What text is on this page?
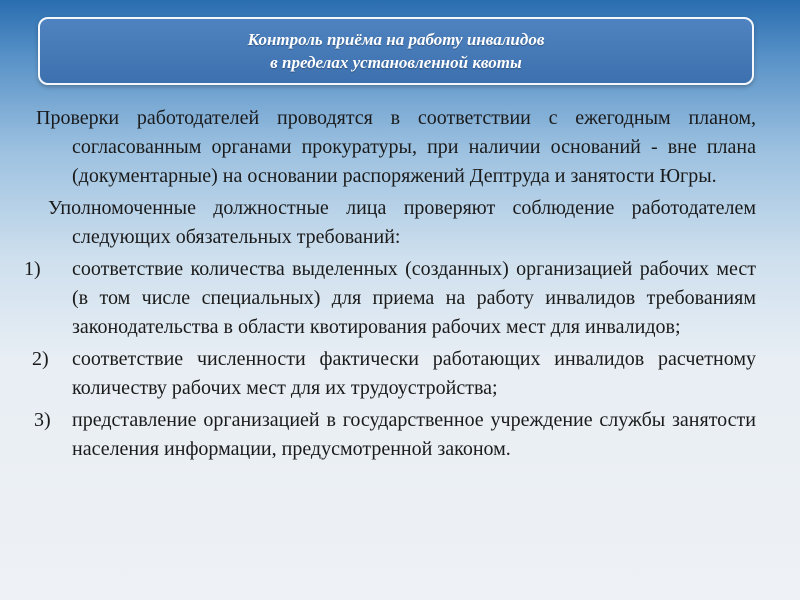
Контроль приёма на работу инвалидов
в пределах установленной квоты

Проверки работодателей проводятся в соответствии с ежегодным планом, согласованным органами прокуратуры, при наличии оснований - вне плана (документарные) на основании распоряжений Дептруда и занятости Югры.

Уполномоченные должностные лица проверяют соблюдение работодателем следующих обязательных требований:

1) соответствие количества выделенных (созданных) организацией рабочих мест (в том числе специальных) для приема на работу инвалидов требованиям законодательства в области квотирования рабочих мест для инвалидов;
2) соответствие численности фактически работающих инвалидов расчетному количеству рабочих мест для их трудоустройства;
3) представление организацией в государственное учреждение службы занятости населения информации, предусмотренной законом.
